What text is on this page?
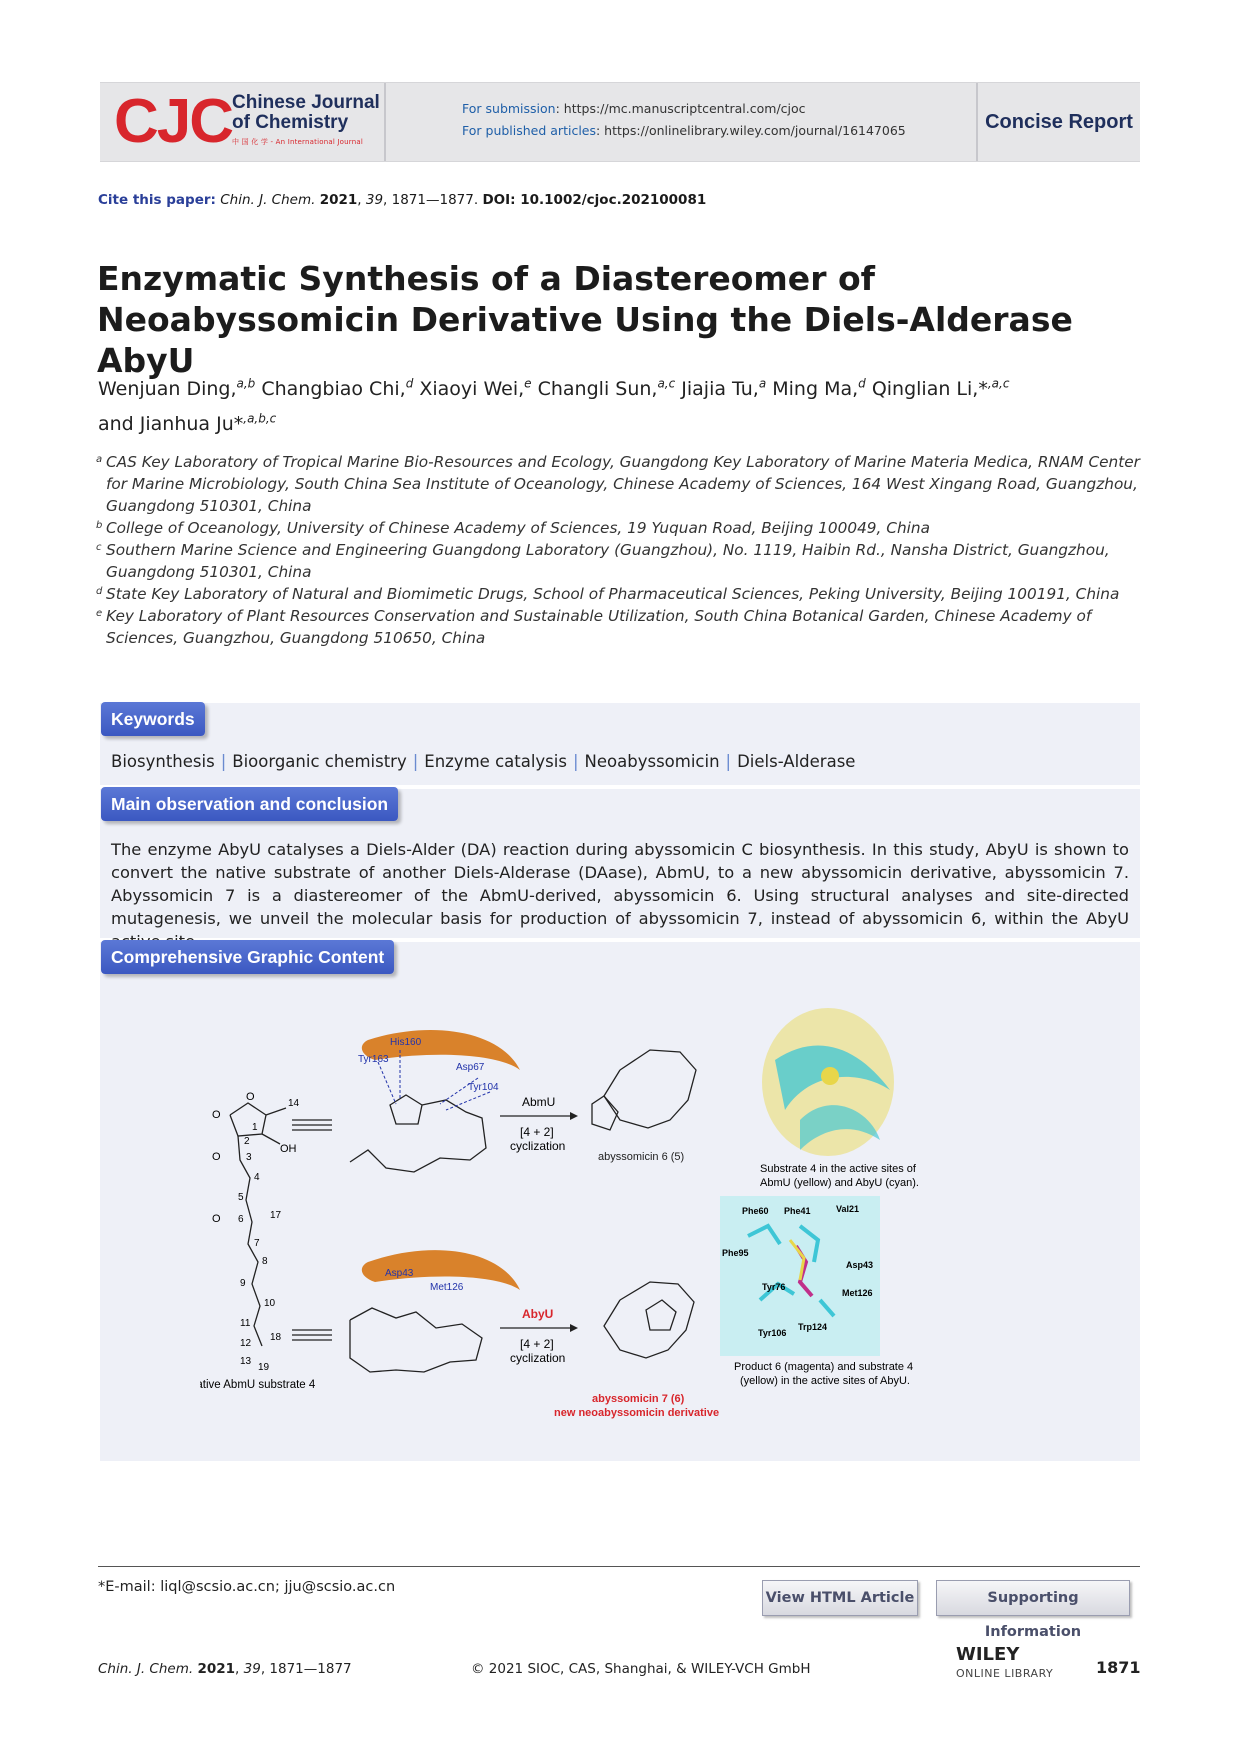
CJC Chinese Journal
of Chemistry
中 国 化 学 - An International Journal
For submission: https://mc.manuscriptcentral.com/cjoc
For published articles: https://onlinelibrary.wiley.com/journal/16147065	Concise Report
Cite this paper: Chin. J. Chem. 2021, 39, 1871—1877. DOI: 10.1002/cjoc.202100081
Enzymatic Synthesis of a Diastereomer of Neoabyssomicin Derivative Using the Diels-Alderase AbyU
Wenjuan Ding,$^{a,b}$ Changbiao Chi,$^d$ Xiaoyi Wei,$^e$ Changli Sun,$^{a,c}$ Jiajia Tu,$^a$ Ming Ma,$^d$ Qinglian Li,*$^{,a,c}$
and Jianhua Ju*$^{,a,b,c}$
a CAS Key Laboratory of Tropical Marine Bio-Resources and Ecology, Guangdong Key Laboratory of Marine Materia Medica, RNAM Center for Marine Microbiology, South China Sea Institute of Oceanology, Chinese Academy of Sciences, 164 West Xingang Road, Guangzhou, Guangdong 510301, China
b College of Oceanology, University of Chinese Academy of Sciences, 19 Yuquan Road, Beijing 100049, China
c Southern Marine Science and Engineering Guangdong Laboratory (Guangzhou), No. 1119, Haibin Rd., Nansha District, Guangzhou, Guangdong 510301, China
d State Key Laboratory of Natural and Biomimetic Drugs, School of Pharmaceutical Sciences, Peking University, Beijing 100191, China
e Key Laboratory of Plant Resources Conservation and Sustainable Utilization, South China Botanical Garden, Chinese Academy of Sciences, Guangzhou, Guangdong 510650, China
Keywords
Biosynthesis | Bioorganic chemistry | Enzyme catalysis | Neoabyssomicin | Diels-Alderase
Main observation and conclusion
The enzyme AbyU catalyses a Diels-Alder (DA) reaction during abyssomicin C biosynthesis. In this study, AbyU is shown to convert the native substrate of another Diels-Alderase (DAase), AbmU, to a new abyssomicin derivative, abyssomicin 7. Abyssomicin 7 is a diastereomer of the AbmU-derived, abyssomicin 6. Using structural analyses and site-directed mutagenesis, we unveil the molecular basis for production of abyssomicin 7, instead of abyssomicin 6, within the AbyU
Comprehensive Graphic Content
O
O
OH
O
O
14
1
2
3
4
5
6	17
7
8
9
10
11
18
12
13
19
native AbmU substrate 4
His160
Tyr163
Asp67
Tyr104
AbmU
[4 + 2]
cyclization
abyssomicin 6 (5)
Substrate 4 in the active sites of
AbmU (yellow) and AbyU (cyan).
Asp43
Met126
AbyU
[4 + 2]
cyclization
abyssomicin 7 (6)
new neoabyssomicin derivative
Phe60 Phe41	Val21
Phe95
Asp43
Tyr76
Met126
Trp124
Tyr106
Product 6 (magenta) and substrate 4
(yellow) in the active sites of AbyU.
*E-mail: liql@scsio.ac.cn; jju@scsio.ac.cn
View HTML Article	Supporting Information
Chin. J. Chem. 2021, 39, 1871—1877	© 2021 SIOC, CAS, Shanghai, & WILEY-VCH GmbH
WILEY
ONLINE LIBRARY	1871
